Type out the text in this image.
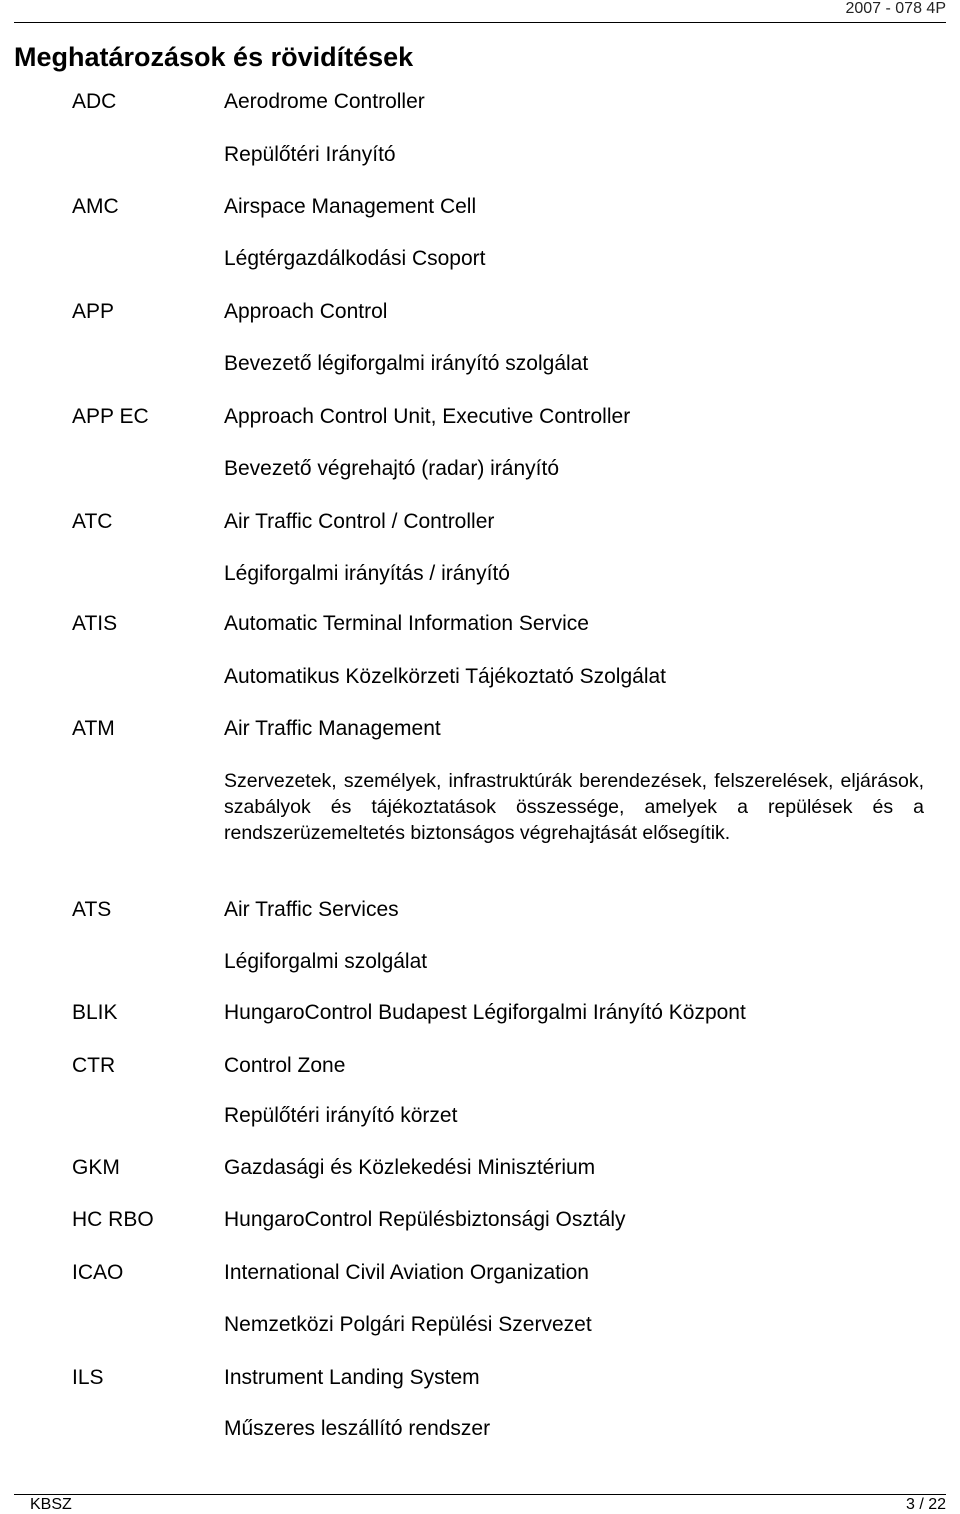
2007 - 078 4P
Meghatározások és rövidítések
ADC	Aerodrome Controller
Repülőtéri Irányító
AMC	Airspace Management Cell
Légtérgazdálkodási Csoport
APP	Approach Control
Bevezető légiforgalmi irányító szolgálat
APP EC	Approach Control Unit, Executive Controller
Bevezető végrehajtó (radar) irányító
ATC	Air Traffic Control / Controller
Légiforgalmi irányítás / irányító
ATIS	Automatic Terminal Information Service
Automatikus Közelkörzeti Tájékoztató Szolgálat
ATM	Air Traffic Management

Szervezetek, személyek, infrastruktúrák berendezések, felszerelések, eljárások, szabályok és tájékoztatások összessége, amelyek a repülések és a rendszerüzemeltetés biztonságos végrehajtását elősegítik.

ATS	Air Traffic Services
Légiforgalmi szolgálat
BLIK	HungaroControl Budapest Légiforgalmi Irányító Központ
CTR	Control Zone
Repülőtéri irányító körzet
GKM	Gazdasági és Közlekedési Minisztérium
HC RBO	HungaroControl Repülésbiztonsági Osztály
ICAO	International Civil Aviation Organization
Nemzetközi Polgári Repülési Szervezet
ILS	Instrument Landing System
Műszeres leszállító rendszer
KBSZ	3 / 22
